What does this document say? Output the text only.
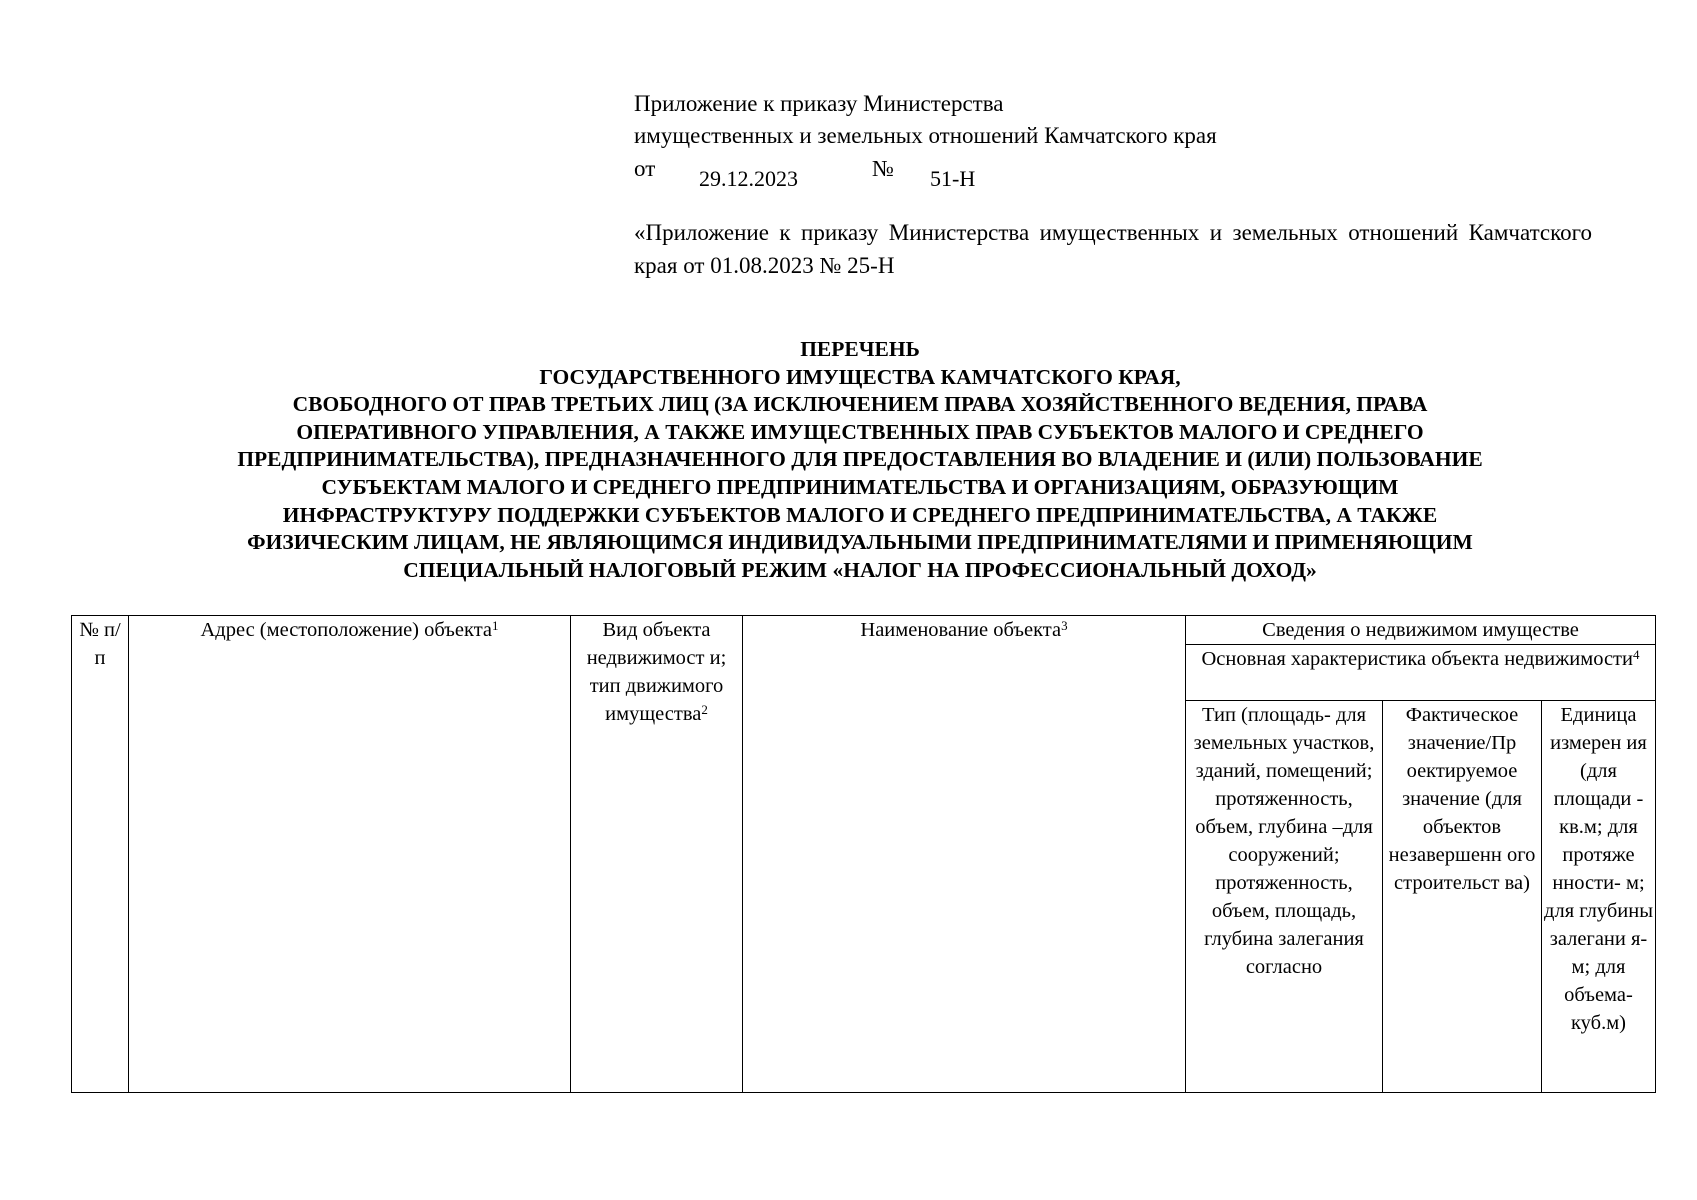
Приложение к приказу Министерства
имущественных и земельных отношений Камчатского края
от 29.12.2023	№ 51-Н
«Приложение к приказу Министерства имущественных и земельных отношений Камчатского края от 01.08.2023 № 25-Н
ПЕРЕЧЕНЬ
ГОСУДАРСТВЕННОГО ИМУЩЕСТВА КАМЧАТСКОГО КРАЯ,
СВОБОДНОГО ОТ ПРАВ ТРЕТЬИХ ЛИЦ (ЗА ИСКЛЮЧЕНИЕМ ПРАВА ХОЗЯЙСТВЕННОГО ВЕДЕНИЯ, ПРАВА
ОПЕРАТИВНОГО УПРАВЛЕНИЯ, А ТАКЖЕ ИМУЩЕСТВЕННЫХ ПРАВ СУБЪЕКТОВ МАЛОГО И СРЕДНЕГО
ПРЕДПРИНИМАТЕЛЬСТВА), ПРЕДНАЗНАЧЕННОГО ДЛЯ ПРЕДОСТАВЛЕНИЯ ВО ВЛАДЕНИЕ И (ИЛИ) ПОЛЬЗОВАНИЕ
СУБЪЕКТАМ МАЛОГО И СРЕДНЕГО ПРЕДПРИНИМАТЕЛЬСТВА И ОРГАНИЗАЦИЯМ, ОБРАЗУЮЩИМ
ИНФРАСТРУКТУРУ ПОДДЕРЖКИ СУБЪЕКТОВ МАЛОГО И СРЕДНЕГО ПРЕДПРИНИМАТЕЛЬСТВА, А ТАКЖЕ
ФИЗИЧЕСКИМ ЛИЦАМ, НЕ ЯВЛЯЮЩИМСЯ ИНДИВИДУАЛЬНЫМИ ПРЕДПРИНИМАТЕЛЯМИ И ПРИМЕНЯЮЩИМ
СПЕЦИАЛЬНЫЙ НАЛОГОВЫЙ РЕЖИМ «НАЛОГ НА ПРОФЕССИОНАЛЬНЫЙ ДОХОД»
№ п/п	Адрес (местоположение) объекта$^1$	Вид объекта недвижимост и; тип движимого имущества$^2$	Наименование объекта$^3$	Сведения о недвижимом имуществе		
				Основная характеристика объекта недвижимости$^4$
				Тип (площадь- для земельных участков, зданий, помещений; протяженность, объем, глубина –для сооружений; протяженность, объем, площадь, глубина залегания согласно	Фактическое значение/Пр оектируемое значение (для объектов незавершенн ого строительст ва)	Единица измерен ия (для площади - кв.м; для протяже нности- м; для глубины залегани я-м; для объема- куб.м)
